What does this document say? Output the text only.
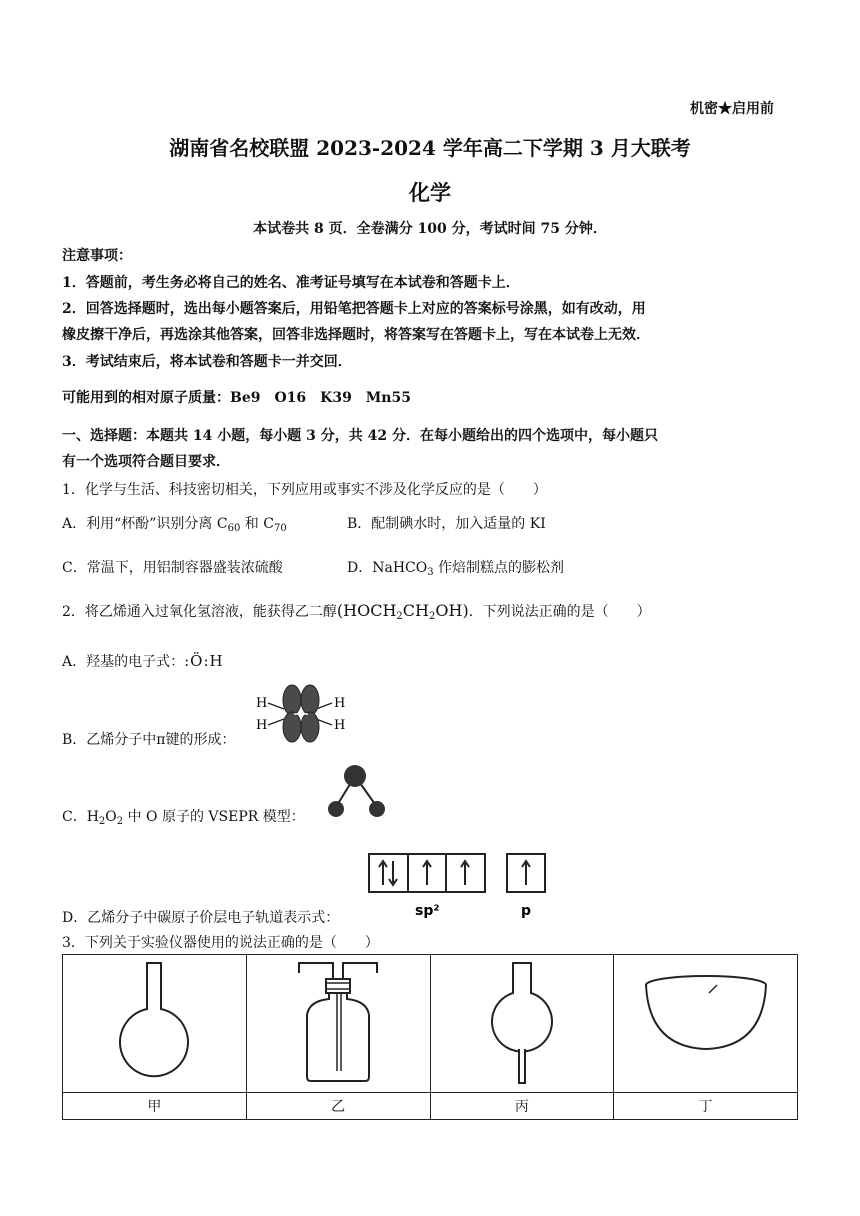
机密★启用前
湖南省名校联盟 2023-2024 学年高二下学期 3 月大联考
化学
本试卷共 8 页．全卷满分 100 分，考试时间 75 分钟．
注意事项：
1．答题前，考生务必将自己的姓名、准考证号填写在本试卷和答题卡上．
2．回答选择题时，选出每小题答案后，用铅笔把答题卡上对应的答案标号涂黑，如有改动，用
橡皮擦干净后，再选涂其他答案，回答非选择题时，将答案写在答题卡上，写在本试卷上无效．
3．考试结束后，将本试卷和答题卡一并交回．
可能用到的相对原子质量：Be9　O16　K39　Mn55
一、选择题：本题共 14 小题，每小题 3 分，共 42 分．在每小题给出的四个选项中，每小题只
有一个选项符合题目要求．
1．化学与生活、科技密切相关，下列应用或事实不涉及化学反应的是（　　）
A．利用“杯酚”识别分离 $C_{60}$ 和 $C_{70}$	B．配制碘水时，加入适量的 KI
C．常温下，用铝制容器盛装浓硫酸	D．NaHCO$_3$ 作焙制糕点的膨松剂
2．将乙烯通入过氧化氢溶液，能获得乙二醇$(HOCH_2CH_2OH)$．下列说法正确的是（　　）
A．羟基的电子式：:Ö:H
B．乙烯分子中π键的形成：
H
H
H
H
C．$H_2O_2$ 中 O 原子的 VSEPR 模型：
D．乙烯分子中碳原子价层电子轨道表示式：	sp²	p
3．下列关于实验仪器使用的说法正确的是（　　）

甲	乙	丙	丁
